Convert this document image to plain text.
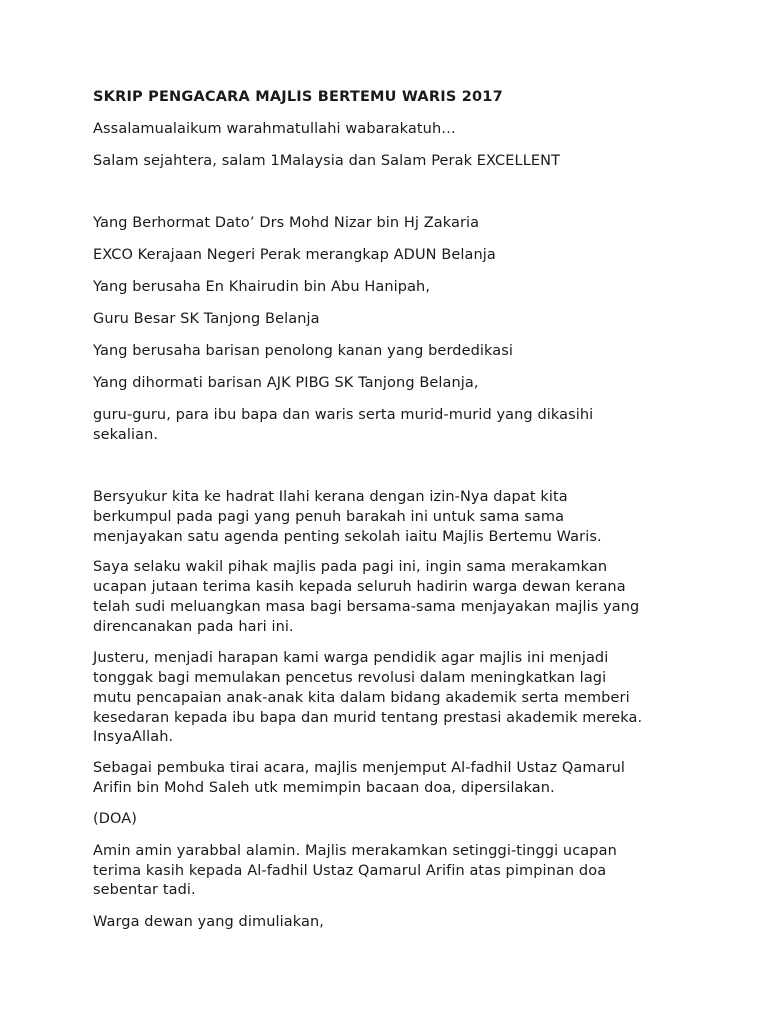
SKRIP PENGACARA MAJLIS BERTEMU WARIS 2017
Assalamualaikum warahmatullahi wabarakatuh…
Salam sejahtera, salam 1Malaysia dan Salam Perak EXCELLENT
Yang Berhormat Dato’ Drs Mohd Nizar bin Hj Zakaria
EXCO Kerajaan Negeri Perak merangkap ADUN Belanja
Yang berusaha En Khairudin bin Abu Hanipah,
Guru Besar SK Tanjong Belanja
Yang berusaha barisan penolong kanan yang berdedikasi
Yang dihormati barisan AJK PIBG SK Tanjong Belanja,
guru-guru, para ibu bapa dan waris serta murid-murid yang dikasihi
sekalian.
Bersyukur kita ke hadrat Ilahi kerana dengan izin-Nya dapat kita
berkumpul pada pagi yang penuh barakah ini untuk sama sama
menjayakan satu agenda penting sekolah iaitu Majlis Bertemu Waris.
Saya selaku wakil pihak majlis pada pagi ini, ingin sama merakamkan
ucapan jutaan terima kasih kepada seluruh hadirin warga dewan kerana
telah sudi meluangkan masa bagi bersama-sama menjayakan majlis yang
direncanakan pada hari ini.
Justeru, menjadi harapan kami warga pendidik agar majlis ini menjadi
tonggak bagi memulakan pencetus revolusi dalam meningkatkan lagi
mutu pencapaian anak-anak kita dalam bidang akademik serta memberi
kesedaran kepada ibu bapa dan murid tentang prestasi akademik mereka.
InsyaAllah.
Sebagai pembuka tirai acara, majlis menjemput Al-fadhil Ustaz Qamarul
Arifin bin Mohd Saleh utk memimpin bacaan doa, dipersilakan.
(DOA)
Amin amin yarabbal alamin. Majlis merakamkan setinggi-tinggi ucapan
terima kasih kepada Al-fadhil Ustaz Qamarul Arifin atas pimpinan doa
sebentar tadi.
Warga dewan yang dimuliakan,
